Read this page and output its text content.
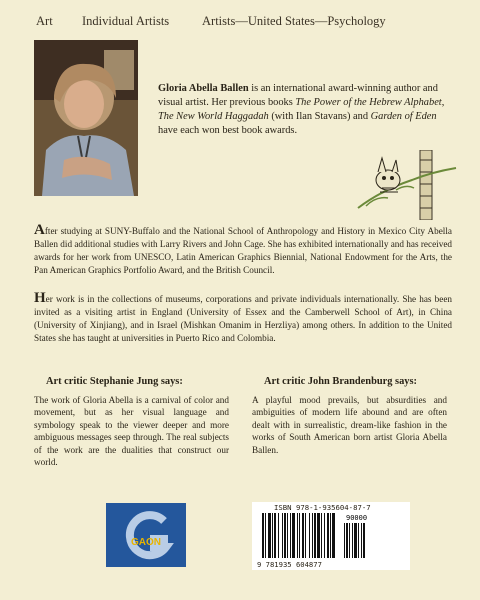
Art Individual Artists	Artists—United States—Psychology
Gloria Abella Ballen is an international award-winning author and visual artist. Her previous books The Power of the Hebrew Alphabet, The New World Haggadah (with Ilan Stavans) and Garden of Eden have each won best book awards.
After studying at SUNY-Buffalo and the National School of Anthropology and History in Mexico City Abella Ballen did additional studies with Larry Rivers and John Cage. She has exhibited internationally and has received awards for her work from UNESCO, Latin American Graphics Biennial, National Endowment for the Arts, the Pan American Graphics Portfolio Award, and the British Council.
Her work is in the collections of museums, corporations and private individuals internationally. She has been invited as a visiting artist in England (University of Essex and the Camberwell School of Art), in China (University of Xinjiang), and in Israel (Mishkan Omanim in Herzliya) among others. In addition to the United States she has taught at universities in Puerto Rico and Colombia.
Art critic Stephanie Jung says:

The work of Gloria Abella is a carnival of color and movement, but as her visual language and symbology speak to the viewer deeper and more ambiguous messages seep through. The real subjects of the work are the dualities that construct our world.

Art critic John Brandenburg says:

A playful mood prevails, but absurdities and ambiguities of modern life abound and are often dealt with in surrealistic, dream-like fashion in the works of South American born artist Gloria Abella Ballen.

GAON
ISBN 978-1-935604-87-7
90000
9 781935 604877
